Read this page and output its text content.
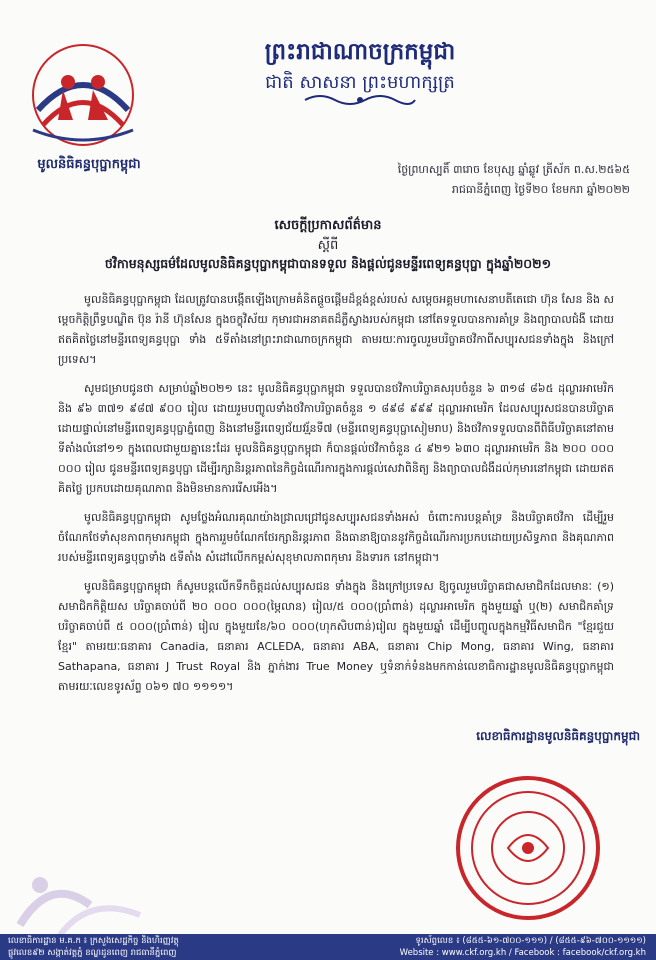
មូលនិធិគន្ធបុប្ផាកម្ពុជា
ព្រះរាជាណាចក្រកម្ពុជា
ជាតិ សាសនា ព្រះមហាក្សត្រ
ថ្ងៃព្រហស្បតិ៍ ៣រោច ខែបុស្ស ឆ្នាំឆ្លូវ ត្រីស័ក ព.ស.២៥៦៥
រាជធានីភ្នំពេញ ថ្ងៃទី២០ ខែមករា ឆ្នាំ២០២២
សេចក្តីប្រកាសព័ត៌មាន
ស្តីពី
ថវិកាមនុស្សធម៌ដែលមូលនិធិគន្ធបុប្ផាកម្ពុជាបានទទួល និងផ្តល់ជូនមន្ទីរពេទ្យគន្ធបុប្ផា ក្នុងឆ្នាំ២០២១

មូលនិធិគន្ធបុប្ផាកម្ពុជា ដែលត្រូវបានបង្កើតឡើងក្រោមគំនិតផ្តួចផ្តើមដ៏ខ្ពង់ខ្ពស់របស់ សម្តេចអគ្គមហាសេនាបតីតេជោ ហ៊ុន សែន និង សម្តេចកិត្តិព្រឹទ្ធបណ្ឌិត ប៊ុន រ៉ានី ហ៊ុនសែន ក្នុងចក្ខុវិស័យ កុមារជាអនាគតដ៏ភ្លឺស្វាងរបស់កម្ពុជា នៅតែទទួលបានការគាំទ្រ និងព្យាបាលជំងឺ ដោយឥតគិតថ្លៃនៅមន្ទីរពេទ្យគន្ធបុប្ផា ទាំង ៥ទីតាំងនៅព្រះរាជាណាចក្រកម្ពុជា តាមរយៈការចូលរួមបរិច្ចាគថវិកាពីសប្បុរសជនទាំងក្នុង និងក្រៅប្រទេស។

សូមជម្រាបជូនថា សម្រាប់ឆ្នាំ២០២១ នេះ មូលនិធិគន្ធបុប្ផាកម្ពុជា ទទួលបានថវិកាបរិច្ចាគសរុបចំនួន ៦ ៣១៨ ៨៦៥ ដុល្លារអាមេរិក និង ៩៦ ៣៧១ ៩៨៧ ៩០០ រៀល ដោយរួមបញ្ចូលទាំងថវិកាបរិច្ចាគចំនួន ១ ៨៩៨ ៩៩៩ ដុល្លារអាមេរិក ដែលសប្បុរសជនបានបរិច្ចាគដោយផ្ទាល់នៅមន្ទីរពេទ្យគន្ធបុប្ផាភ្នំពេញ និងនៅមន្ទីរពេទ្យជ័យវរ្ម័នទី៧ (មន្ទីរពេទ្យគន្ធបុប្ផាសៀមរាប) និងថវិកាទទួលបានពីពិធីបរិច្ចាគនៅតាមទីតាំងលំនៅ១១ ក្នុងពេលជាមួយគ្នានេះដែរ មូលនិធិគន្ធបុប្ផាកម្ពុជា ក៏បានផ្តល់ថវិកាចំនួន ៤ ៩២១ ៦៣០ ដុល្លារអាមេរិក និង ២០០ ០០០ ០០០ រៀល ជូនមន្ទីរពេទ្យគន្ធបុប្ផា ដើម្បីរក្សានិរន្តរភាពនៃកិច្ចដំណើរការក្នុងការផ្តល់សេវាពិនិត្យ និងព្យាបាលជំងឺដល់កុមារនៅកម្ពុជា ដោយឥតគិតថ្លៃ ប្រកបដោយគុណភាព និងមិនមានការរើសអើង។

មូលនិធិគន្ធបុប្ផាកម្ពុជា សូមថ្លែងអំណរគុណយ៉ាងជ្រាលជ្រៅជូនសប្បុរសជនទាំងអស់ ចំពោះការបន្តគាំទ្រ និងបរិច្ចាគថវិកា ដើម្បីរួមចំណែកថែទាំសុខភាពកុមារកម្ពុជា ក្នុងការរួមចំណែកថែរក្សានិរន្តរភាព និងធានាឱ្យបាននូវកិច្ចដំណើរការប្រកបដោយប្រសិទ្ធភាព និងគុណភាព របស់មន្ទីរពេទ្យគន្ធបុប្ផាទាំង ៥ទីតាំង សំដៅលើកកម្ពស់សុខុមាលភាពកុមារ និងទារក នៅកម្ពុជា។

មូលនិធិគន្ធបុប្ផាកម្ពុជា ក៏សូមបន្តលើកទឹកចិត្តដល់សប្បុរសជន ទាំងក្នុង និងក្រៅប្រទេស ឱ្យចូលរួមបរិច្ចាគជាសមាជិកដែលមានៈ (១) សមាជិកកិត្តិយស បរិច្ចាគចាប់ពី ២០ ០០០ ០០០(ម្ភៃលាន) រៀល/៥ ០០០(ប្រាំពាន់) ដុល្លារអាមេរិក ក្នុងមួយឆ្នាំ ឬ(២) សមាជិកគាំទ្រ បរិច្ចាគចាប់ពី ៥ ០០០(ប្រាំពាន់) រៀល ក្នុងមួយខែ/៦០ ០០០(ហុកសិបពាន់)រៀល ក្នុងមួយឆ្នាំ ដើម្បីបញ្ចូលក្នុងកម្មវិធីសមាជិក "ខ្មែរជួយខ្មែរ" តាមរយៈធនាគារ Canadia, ធនាគារ ACLEDA, ធនាគារ ABA, ធនាគារ Chip Mong, ធនាគារ Wing, ធនាគារ Sathapana, ធនាគារ J Trust Royal និង ភ្នាក់ងារ True Money ឬទំនាក់ទំនងមកកាន់លេខាធិការដ្ឋានមូលនិធិគន្ធបុប្ផាកម្ពុជា តាមរយៈលេខទូរស័ព្ទ ០៦១ ៧០ ១១១១។

លេខាធិការដ្ឋានមូលនិធិគន្ធបុប្ផាកម្ពុជា
លេខាធិការដ្ឋាន ម.គ.ក ៖ ក្រសួងសេដ្ឋកិច្ច និងហិរញ្ញវត្ថុ
ផ្លូវលេខ៩២ សង្កាត់វត្តភ្នំ ខណ្ឌដូនពេញ រាជធានីភ្នំពេញ
ទូរស័ព្ទលេខ ៖ (៨៥៥-៦១-៧០០-១១១) / (៨៥៥-៩៦-៧០០-១១១១)
Website : www.ckf.org.kh / Facebook : facebook/ckf.org.kh
